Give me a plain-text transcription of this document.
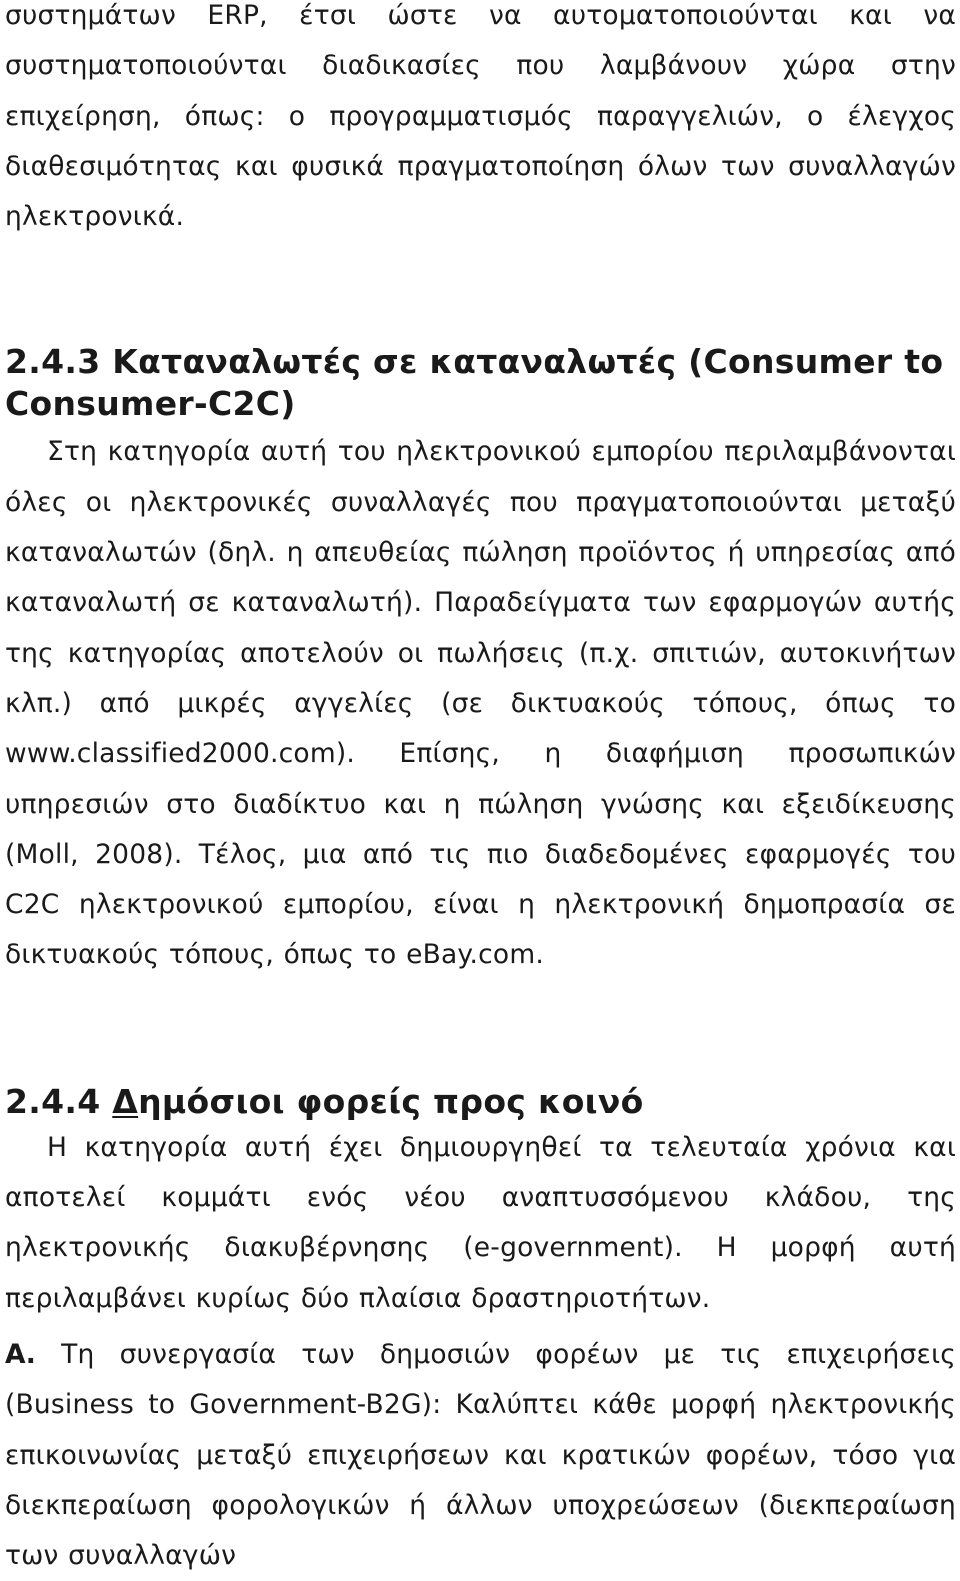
συστημάτων ERP, έτσι ώστε να αυτοματοποιούνται και να συστηματοποιούνται διαδικασίες που λαμβάνουν χώρα στην επιχείρηση, όπως: ο προγραμματισμός παραγγελιών, ο έλεγχος διαθεσιμότητας και φυσικά πραγματοποίηση όλων των συναλλαγών ηλεκτρονικά.

2.4.3 Καταναλωτές σε καταναλωτές (Consumer to Consumer-C2C)

Στη κατηγορία αυτή του ηλεκτρονικού εμπορίου περιλαμβάνονται όλες οι ηλεκτρονικές συναλλαγές που πραγματοποιούνται μεταξύ καταναλωτών (δηλ. η απευθείας πώληση προϊόντος ή υπηρεσίας από καταναλωτή σε καταναλωτή). Παραδείγματα των εφαρμογών αυτής της κατηγορίας αποτελούν οι πωλήσεις (π.χ. σπιτιών, αυτοκινήτων κλπ.) από μικρές αγγελίες (σε δικτυακούς τόπους, όπως το www.classified2000.com). Επίσης, η διαφήμιση προσωπικών υπηρεσιών στο διαδίκτυο και η πώληση γνώσης και εξειδίκευσης (Moll, 2008). Τέλος, μια από τις πιο διαδεδομένες εφαρμογές του C2C ηλεκτρονικού εμπορίου, είναι η ηλεκτρονική δημοπρασία σε δικτυακούς τόπους, όπως το eBay.com.

2.4.4 Δημόσιοι φορείς προς κοινό

Η κατηγορία αυτή έχει δημιουργηθεί τα τελευταία χρόνια και αποτελεί κομμάτι ενός νέου αναπτυσσόμενου κλάδου, της ηλεκτρονικής διακυβέρνησης (e-government). Η μορφή αυτή περιλαμβάνει κυρίως δύο πλαίσια δραστηριοτήτων.

Α. Τη συνεργασία των δημοσιών φορέων με τις επιχειρήσεις (Business to Government-B2G): Καλύπτει κάθε μορφή ηλεκτρονικής επικοινωνίας μεταξύ επιχειρήσεων και κρατικών φορέων, τόσο για διεκπεραίωση φορολογικών ή άλλων υποχρεώσεων (διεκπεραίωση των συναλλαγών
